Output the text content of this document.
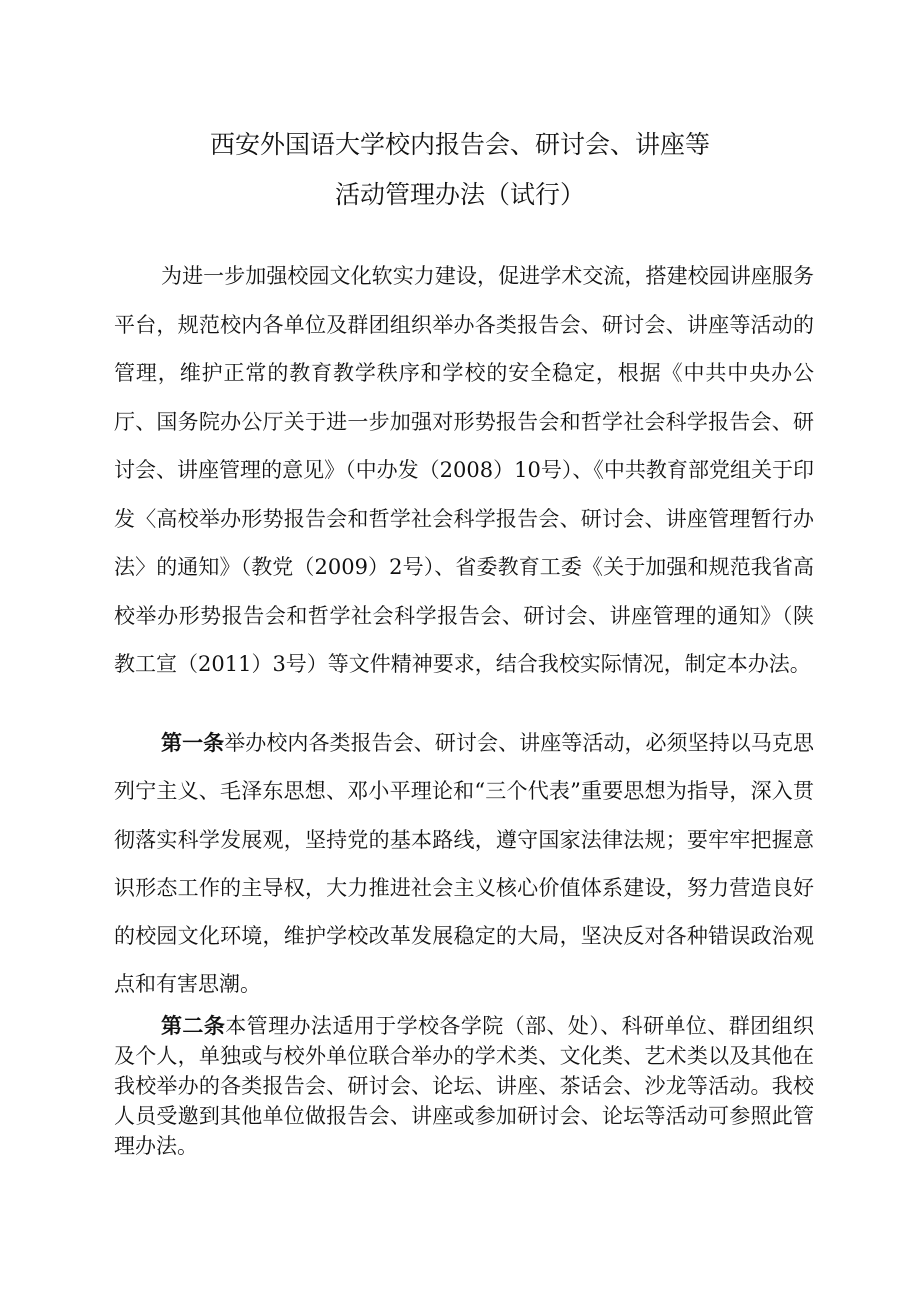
西安外国语大学校内报告会、研讨会、讲座等
活动管理办法（试行）

为进一步加强校园文化软实力建设，促进学术交流，搭建校园讲座服务平台，规范校内各单位及群团组织举办各类报告会、研讨会、讲座等活动的管理，维护正常的教育教学秩序和学校的安全稳定，根据《中共中央办公厅、国务院办公厅关于进一步加强对形势报告会和哲学社会科学报告会、研讨会、讲座管理的意见》（中办发（2008）10号）、《中共教育部党组关于印发〈高校举办形势报告会和哲学社会科学报告会、研讨会、讲座管理暂行办法〉的通知》（教党（2009）2号）、省委教育工委《关于加强和规范我省高校举办形势报告会和哲学社会科学报告会、研讨会、讲座管理的通知》（陕教工宣（2011）3号）等文件精神要求，结合我校实际情况，制定本办法。

第一条举办校内各类报告会、研讨会、讲座等活动，必须坚持以马克思列宁主义、毛泽东思想、邓小平理论和“三个代表”重要思想为指导，深入贯彻落实科学发展观，坚持党的基本路线，遵守国家法律法规；要牢牢把握意识形态工作的主导权，大力推进社会主义核心价值体系建设，努力营造良好的校园文化环境，维护学校改革发展稳定的大局，坚决反对各种错误政治观点和有害思潮。

第二条本管理办法适用于学校各学院（部、处）、科研单位、群团组织及个人，单独或与校外单位联合举办的学术类、文化类、艺术类以及其他在我校举办的各类报告会、研讨会、论坛、讲座、茶话会、沙龙等活动。我校人员受邀到其他单位做报告会、讲座或参加研讨会、论坛等活动可参照此管理办法。
